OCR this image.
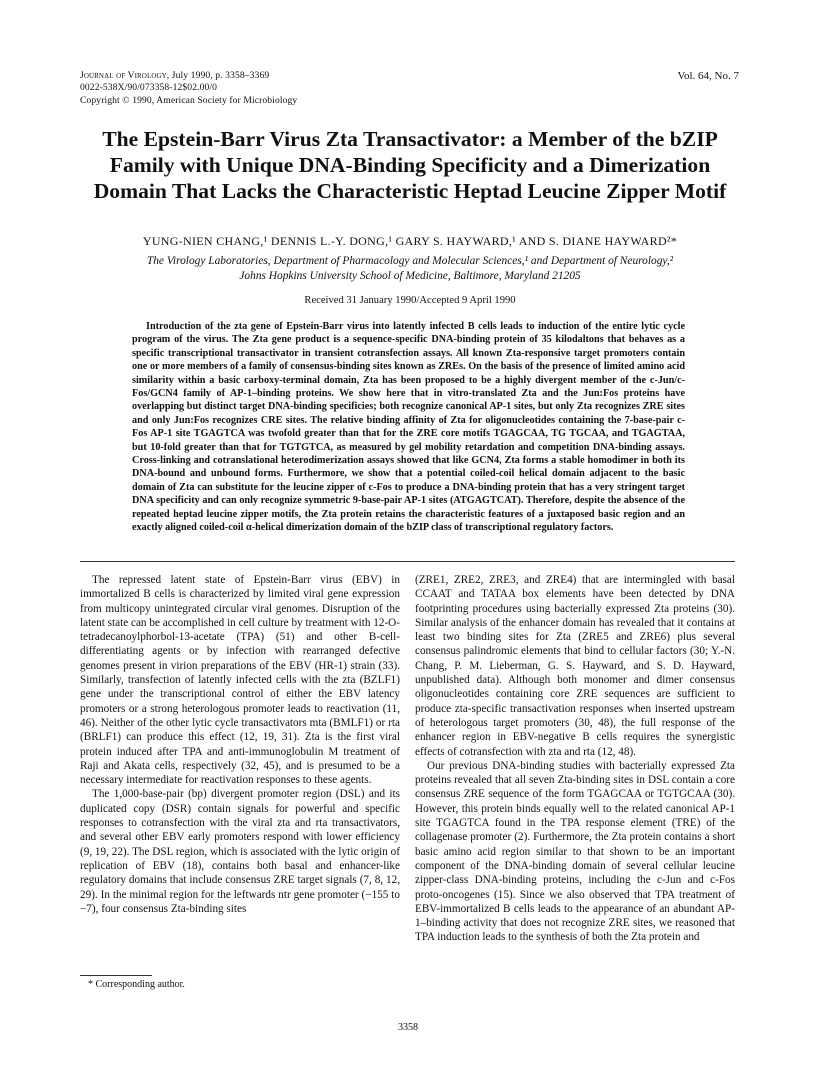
Journal of Virology, July 1990, p. 3358–3369
0022-538X/90/073358-12$02.00/0
Copyright © 1990, American Society for Microbiology
Vol. 64, No. 7
The Epstein-Barr Virus Zta Transactivator: a Member of the bZIP
Family with Unique DNA-Binding Specificity and a Dimerization
Domain That Lacks the Characteristic Heptad Leucine Zipper Motif
YUNG-NIEN CHANG,¹ DENNIS L.-Y. DONG,¹ GARY S. HAYWARD,¹ AND S. DIANE HAYWARD²*
The Virology Laboratories, Department of Pharmacology and Molecular Sciences,¹ and Department of Neurology,²
Johns Hopkins University School of Medicine, Baltimore, Maryland 21205
Received 31 January 1990/Accepted 9 April 1990

Introduction of the zta gene of Epstein-Barr virus into latently infected B cells leads to induction of the entire lytic cycle program of the virus. The Zta gene product is a sequence-specific DNA-binding protein of 35 kilodaltons that behaves as a specific transcriptional transactivator in transient cotransfection assays. All known Zta-responsive target promoters contain one or more members of a family of consensus-binding sites known as ZREs. On the basis of the presence of limited amino acid similarity within a basic carboxy-terminal domain, Zta has been proposed to be a highly divergent member of the c-Jun/c-Fos/GCN4 family of AP-1–binding proteins. We show here that in vitro-translated Zta and the Jun:Fos proteins have overlapping but distinct target DNA-binding specificies; both recognize canonical AP-1 sites, but only Zta recognizes ZRE sites and only Jun:Fos recognizes CRE sites. The relative binding affinity of Zta for oligonucleotides containing the 7-base-pair c-Fos AP-1 site TGAGTCA was twofold greater than that for the ZRE core motifs TGAGCAA, TG TGCAA, and TGAGTAA, but 10-fold greater than that for TGTGTCA, as measured by gel mobility retardation and competition DNA-binding assays. Cross-linking and cotranslational heterodimerization assays showed that like GCN4, Zta forms a stable homodimer in both its DNA-bound and unbound forms. Furthermore, we show that a potential coiled-coil helical domain adjacent to the basic domain of Zta can substitute for the leucine zipper of c-Fos to produce a DNA-binding protein that has a very stringent target DNA specificity and can only recognize symmetric 9-base-pair AP-1 sites (ATGAGTCAT). Therefore, despite the absence of the repeated heptad leucine zipper motifs, the Zta protein retains the characteristic features of a juxtaposed basic region and an exactly aligned coiled-coil α-helical dimerization domain of the bZIP class of transcriptional regulatory factors.

The repressed latent state of Epstein-Barr virus (EBV) in immortalized B cells is characterized by limited viral gene expression from multicopy unintegrated circular viral genomes. Disruption of the latent state can be accomplished in cell culture by treatment with 12-O-tetradecanoylphorbol-13-acetate (TPA) (51) and other B-cell-differentiating agents or by infection with rearranged defective genomes present in virion preparations of the EBV (HR-1) strain (33). Similarly, transfection of latently infected cells with the zta (BZLF1) gene under the transcriptional control of either the EBV latency promoters or a strong heterologous promoter leads to reactivation (11, 46). Neither of the other lytic cycle transactivators mta (BMLF1) or rta (BRLF1) can produce this effect (12, 19, 31). Zta is the first viral protein induced after TPA and anti-immunoglobulin M treatment of Raji and Akata cells, respectively (32, 45), and is presumed to be a necessary intermediate for reactivation responses to these agents.

The 1,000-base-pair (bp) divergent promoter region (DSL) and its duplicated copy (DSR) contain signals for powerful and specific responses to cotransfection with the viral zta and rta transactivators, and several other EBV early promoters respond with lower efficiency (9, 19, 22). The DSL region, which is associated with the lytic origin of replication of EBV (18), contains both basal and enhancer-like regulatory domains that include consensus ZRE target signals (7, 8, 12, 29). In the minimal region for the leftwards ntr gene promoter (−155 to −7), four consensus Zta-binding sites

(ZRE1, ZRE2, ZRE3, and ZRE4) that are intermingled with basal CCAAT and TATAA box elements have been detected by DNA footprinting procedures using bacterially expressed Zta proteins (30). Similar analysis of the enhancer domain has revealed that it contains at least two binding sites for Zta (ZRE5 and ZRE6) plus several consensus palindromic elements that bind to cellular factors (30; Y.-N. Chang, P. M. Lieberman, G. S. Hayward, and S. D. Hayward, unpublished data). Although both monomer and dimer consensus oligonucleotides containing core ZRE sequences are sufficient to produce zta-specific transactivation responses when inserted upstream of heterologous target promoters (30, 48), the full response of the enhancer region in EBV-negative B cells requires the synergistic effects of cotransfection with zta and rta (12, 48).

Our previous DNA-binding studies with bacterially expressed Zta proteins revealed that all seven Zta-binding sites in DSL contain a core consensus ZRE sequence of the form TGAGCAA or TGTGCAA (30). However, this protein binds equally well to the related canonical AP-1 site TGAGTCA found in the TPA response element (TRE) of the collagenase promoter (2). Furthermore, the Zta protein contains a short basic amino acid region similar to that shown to be an important component of the DNA-binding domain of several cellular leucine zipper-class DNA-binding proteins, including the c-Jun and c-Fos proto-oncogenes (15). Since we also observed that TPA treatment of EBV-immortalized B cells leads to the appearance of an abundant AP-1–binding activity that does not recognize ZRE sites, we reasoned that TPA induction leads to the synthesis of both the Zta protein and

* Corresponding author.
3358
